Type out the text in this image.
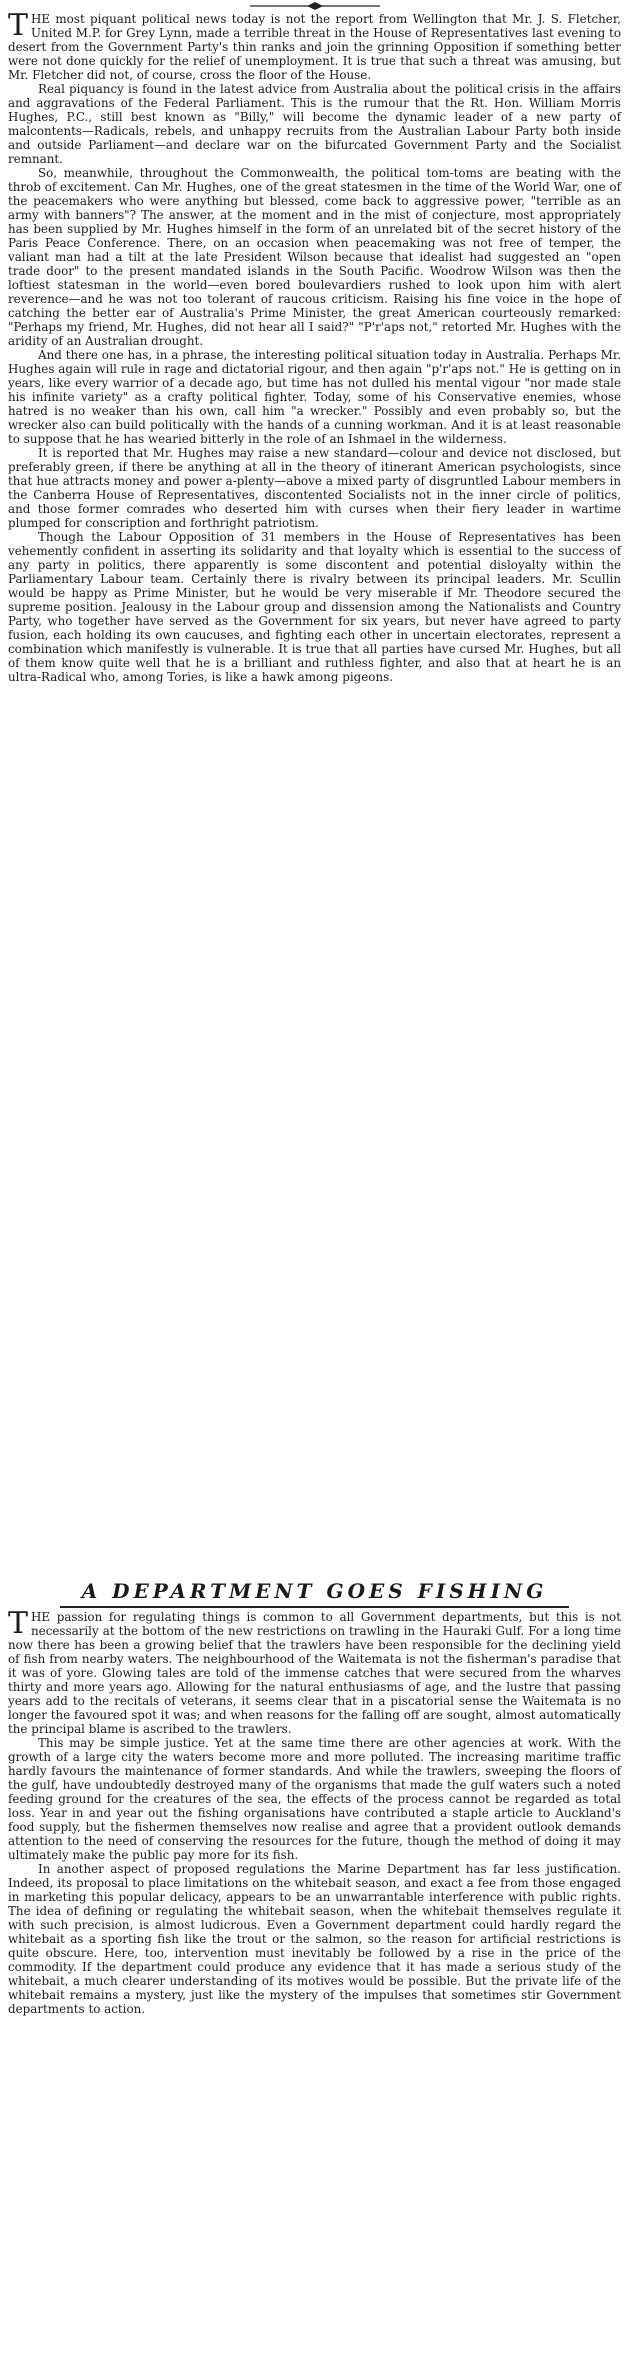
THE most piquant political news today is not the report from Wellington that Mr. J. S. Fletcher, United M.P. for Grey Lynn, made a terrible threat in the House of Representatives last evening to desert from the Government Party's thin ranks and join the grinning Opposition if something better were not done quickly for the relief of unemployment. It is true that such a threat was amusing, but Mr. Fletcher did not, of course, cross the floor of the House.

Real piquancy is found in the latest advice from Australia about the political crisis in the affairs and aggravations of the Federal Parliament. This is the rumour that the Rt. Hon. William Morris Hughes, P.C., still best known as "Billy," will become the dynamic leader of a new party of malcontents—Radicals, rebels, and unhappy recruits from the Australian Labour Party both inside and outside Parliament—and declare war on the bifurcated Government Party and the Socialist remnant.

So, meanwhile, throughout the Commonwealth, the political tom-toms are beating with the throb of excitement. Can Mr. Hughes, one of the great statesmen in the time of the World War, one of the peacemakers who were anything but blessed, come back to aggressive power, "terrible as an army with banners"? The answer, at the moment and in the mist of conjecture, most appropriately has been supplied by Mr. Hughes himself in the form of an unrelated bit of the secret history of the Paris Peace Conference. There, on an occasion when peacemaking was not free of temper, the valiant man had a tilt at the late President Wilson because that idealist had suggested an "open trade door" to the present mandated islands in the South Pacific. Woodrow Wilson was then the loftiest statesman in the world—even bored boulevardiers rushed to look upon him with alert reverence—and he was not too tolerant of raucous criticism. Raising his fine voice in the hope of catching the better ear of Australia's Prime Minister, the great American courteously remarked: "Perhaps my friend, Mr. Hughes, did not hear all I said?" "P'r'aps not," retorted Mr. Hughes with the aridity of an Australian drought.

And there one has, in a phrase, the interesting political situation today in Australia. Perhaps Mr. Hughes again will rule in rage and dictatorial rigour, and then again "p'r'aps not." He is getting on in years, like every warrior of a decade ago, but time has not dulled his mental vigour "nor made stale his infinite variety" as a crafty political fighter. Today, some of his Conservative enemies, whose hatred is no weaker than his own, call him "a wrecker." Possibly and even probably so, but the wrecker also can build politically with the hands of a cunning workman. And it is at least reasonable to suppose that he has wearied bitterly in the role of an Ishmael in the wilderness.

It is reported that Mr. Hughes may raise a new standard—colour and device not disclosed, but preferably green, if there be anything at all in the theory of itinerant American psychologists, since that hue attracts money and power a-plenty—above a mixed party of disgruntled Labour members in the Canberra House of Representatives, discontented Socialists not in the inner circle of politics, and those former comrades who deserted him with curses when their fiery leader in wartime plumped for conscription and forthright patriotism.

Though the Labour Opposition of 31 members in the House of Representatives has been vehemently confident in asserting its solidarity and that loyalty which is essential to the success of any party in politics, there apparently is some discontent and potential disloyalty within the Parliamentary Labour team. Certainly there is rivalry between its principal leaders. Mr. Scullin would be happy as Prime Minister, but he would be very miserable if Mr. Theodore secured the supreme position. Jealousy in the Labour group and dissension among the Nationalists and Country Party, who together have served as the Government for six years, but never have agreed to party fusion, each holding its own caucuses, and fighting each other in uncertain electorates, represent a combination which manifestly is vulnerable. It is true that all parties have cursed Mr. Hughes, but all of them know quite well that he is a brilliant and ruthless fighter, and also that at heart he is an ultra-Radical who, among Tories, is like a hawk among pigeons.

A DEPARTMENT GOES FISHING

THE passion for regulating things is common to all Government departments, but this is not necessarily at the bottom of the new restrictions on trawling in the Hauraki Gulf. For a long time now there has been a growing belief that the trawlers have been responsible for the declining yield of fish from nearby waters. The neighbourhood of the Waitemata is not the fisherman's paradise that it was of yore. Glowing tales are told of the immense catches that were secured from the wharves thirty and more years ago. Allowing for the natural enthusiasms of age, and the lustre that passing years add to the recitals of veterans, it seems clear that in a piscatorial sense the Waitemata is no longer the favoured spot it was; and when reasons for the falling off are sought, almost automatically the principal blame is ascribed to the trawlers.

This may be simple justice. Yet at the same time there are other agencies at work. With the growth of a large city the waters become more and more polluted. The increasing maritime traffic hardly favours the maintenance of former standards. And while the trawlers, sweeping the floors of the gulf, have undoubtedly destroyed many of the organisms that made the gulf waters such a noted feeding ground for the creatures of the sea, the effects of the process cannot be regarded as total loss. Year in and year out the fishing organisations have contributed a staple article to Auckland's food supply, but the fishermen themselves now realise and agree that a provident outlook demands attention to the need of conserving the resources for the future, though the method of doing it may ultimately make the public pay more for its fish.

In another aspect of proposed regulations the Marine Department has far less justification. Indeed, its proposal to place limitations on the whitebait season, and exact a fee from those engaged in marketing this popular delicacy, appears to be an unwarrantable interference with public rights. The idea of defining or regulating the whitebait season, when the whitebait themselves regulate it with such precision, is almost ludicrous. Even a Government department could hardly regard the whitebait as a sporting fish like the trout or the salmon, so the reason for artificial restrictions is quite obscure. Here, too, intervention must inevitably be followed by a rise in the price of the commodity. If the department could produce any evidence that it has made a serious study of the whitebait, a much clearer understanding of its motives would be possible. But the private life of the whitebait remains a mystery, just like the mystery of the impulses that sometimes stir Government departments to action.
